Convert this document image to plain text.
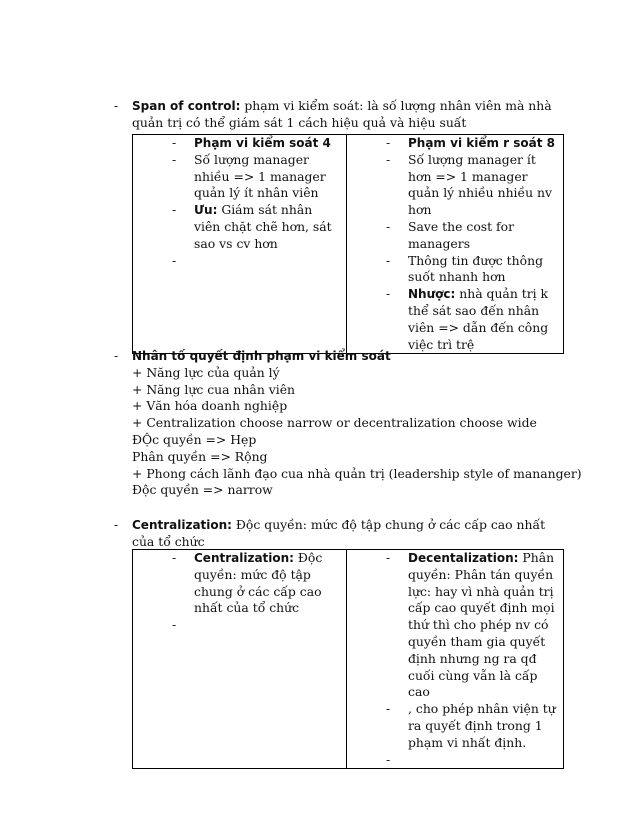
- Span of control: phạm vi kiểm soát: là số lượng nhân viên mà nhà quản trị có thể giám sát 1 cách hiệu quả và hiệu suất
- Phạm vi kiểm soát 4
- Số lượng manager nhiều => 1 manager quản lý ít nhân viên
- Ưu: Giám sát nhân viên chặt chẽ hơn, sát sao vs cv hơn
-

- Phạm vi kiểm r soát 8
- Số lượng manager ít hơn => 1 manager quản lý nhiều nhiều nv hơn
- Save the cost for managers
- Thông tin được thông suốt nhanh hơn
- Nhược: nhà quản trị k thể sát sao đến nhân viên => dẫn đến công việc trì trệ
- Nhân tố quyết định phạm vi kiểm soát
+ Năng lực của quản lý
+ Năng lực cua nhân viên
+ Văn hóa doanh nghiệp
+ Centralization choose narrow or decentralization choose wide
ĐỘc quyền => Hẹp
Phân quyền => Rộng
+ Phong cách lãnh đạo cua nhà quản trị (leadership style of mananger)
Độc quyền => narrow
- Centralization: Độc quyền: mức độ tập chung ở các cấp cao nhất của tổ chức
- Centralization: Độc quyền: mức độ tập chung ở các cấp cao nhất của tổ chức
-

- Decentalization: Phân quyền: Phân tán quyền lực: hay vì nhà quản trị cấp cao quyết định mọi thứ thì cho phép nv có quyền tham gia quyết định nhưng ng ra qđ cuối cùng vẫn là cấp cao
- , cho phép nhân viện tự ra quyết định trong 1 phạm vi nhất định.
-
